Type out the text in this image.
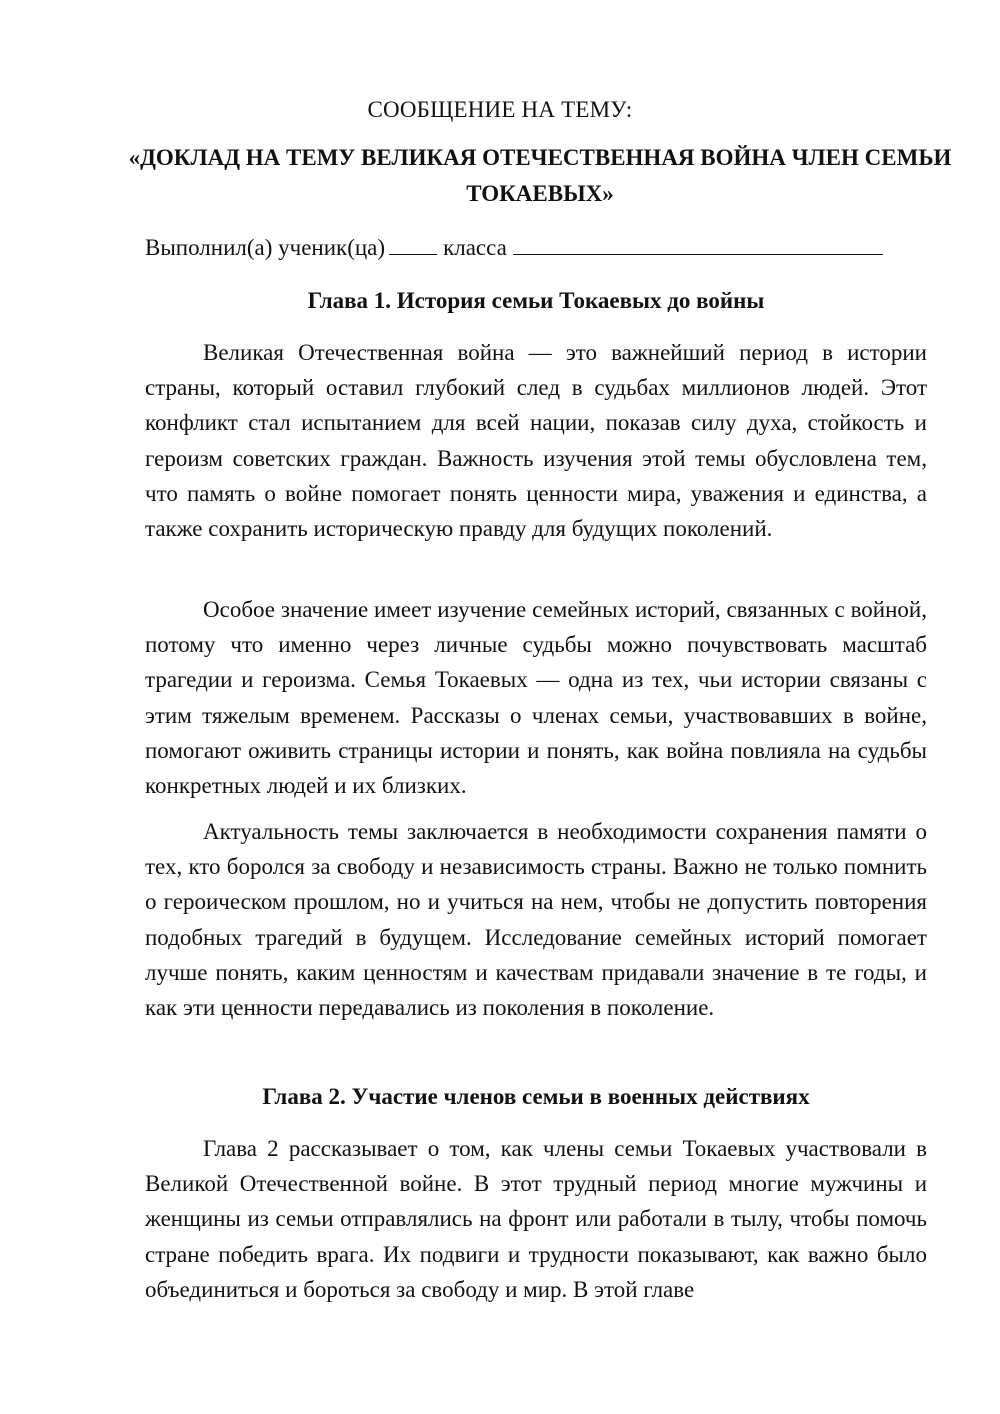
СООБЩЕНИЕ НА ТЕМУ:

«ДОКЛАД НА ТЕМУ ВЕЛИКАЯ ОТЕЧЕСТВЕННАЯ ВОЙНА ЧЛЕН СЕМЬИ ТОКАЕВЫХ»

Выполнил(а) ученик(ца)	класса
Глава 1. История семьи Токаевых до войны

Великая Отечественная война — это важнейший период в истории страны, который оставил глубокий след в судьбах миллионов людей. Этот конфликт стал испытанием для всей нации, показав силу духа, стойкость и героизм советских граждан. Важность изучения этой темы обусловлена тем, что память о войне помогает понять ценности мира, уважения и единства, а также сохранить историческую правду для будущих поколений.

Особое значение имеет изучение семейных историй, связанных с войной, потому что именно через личные судьбы можно почувствовать масштаб трагедии и героизма. Семья Токаевых — одна из тех, чьи истории связаны с этим тяжелым временем. Рассказы о членах семьи, участвовавших в войне, помогают оживить страницы истории и понять, как война повлияла на судьбы конкретных людей и их близких.

Актуальность темы заключается в необходимости сохранения памяти о тех, кто боролся за свободу и независимость страны. Важно не только помнить о героическом прошлом, но и учиться на нем, чтобы не допустить повторения подобных трагедий в будущем. Исследование семейных историй помогает лучше понять, каким ценностям и качествам придавали значение в те годы, и как эти ценности передавались из поколения в поколение.

Глава 2. Участие членов семьи в военных действиях

Глава 2 рассказывает о том, как члены семьи Токаевых участвовали в Великой Отечественной войне. В этот трудный период многие мужчины и женщины из семьи отправлялись на фронт или работали в тылу, чтобы помочь стране победить врага. Их подвиги и трудности показывают, как важно было объединиться и бороться за свободу и мир. В этой главе
